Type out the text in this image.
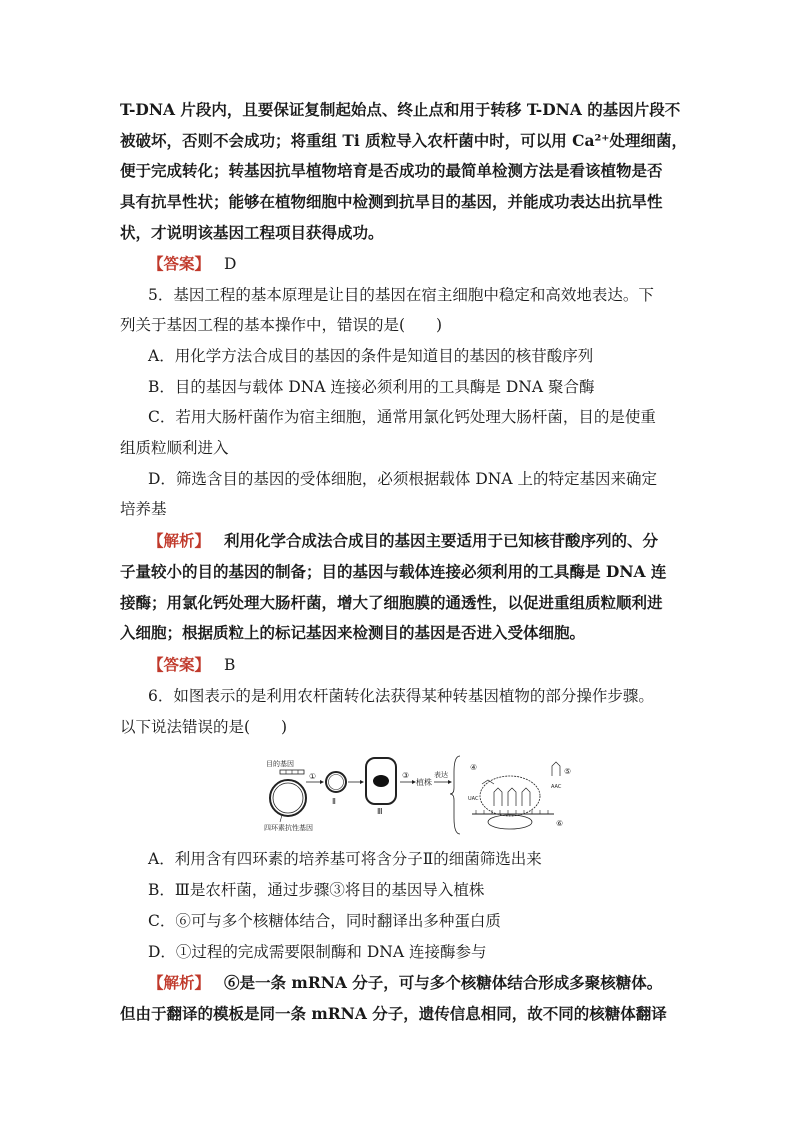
T-DNA 片段内，且要保证复制起始点、终止点和用于转移 T-DNA 的基因片段不
被破坏，否则不会成功；将重组 Ti 质粒导入农杆菌中时，可以用 Ca²⁺处理细菌，
便于完成转化；转基因抗旱植物培育是否成功的最简单检测方法是看该植物是否
具有抗旱性状；能够在植物细胞中检测到抗旱目的基因，并能成功表达出抗旱性
状，才说明该基因工程项目获得成功。
【答案】 D
5．基因工程的基本原理是让目的基因在宿主细胞中稳定和高效地表达。下
列关于基因工程的基本操作中，错误的是(　　)
A．用化学方法合成目的基因的条件是知道目的基因的核苷酸序列
B．目的基因与载体 DNA 连接必须利用的工具酶是 DNA 聚合酶
C．若用大肠杆菌作为宿主细胞，通常用氯化钙处理大肠杆菌，目的是使重
组质粒顺利进入
D．筛选含目的基因的受体细胞，必须根据载体 DNA 上的特定基因来确定
培养基
【解析】 利用化学合成法合成目的基因主要适用于已知核苷酸序列的、分
子量较小的目的基因的制备；目的基因与载体连接必须利用的工具酶是 DNA 连
接酶；用氯化钙处理大肠杆菌，增大了细胞膜的通透性，以促进重组质粒顺利进
入细胞；根据质粒上的标记基因来检测目的基因是否进入受体细胞。
【答案】 B
6．如图表示的是利用农杆菌转化法获得某种转基因植物的部分操作步骤。
以下说法错误的是(　　)
目的基因
四环素抗性基因
①
Ⅱ
Ⅲ
③
植株
表达
④
UAC
AAC
⑤
⑥
A．利用含有四环素的培养基可将含分子Ⅱ的细菌筛选出来
B．Ⅲ是农杆菌，通过步骤③将目的基因导入植株
C．⑥可与多个核糖体结合，同时翻译出多种蛋白质
D．①过程的完成需要限制酶和 DNA 连接酶参与
【解析】 ⑥是一条 mRNA 分子，可与多个核糖体结合形成多聚核糖体。
但由于翻译的模板是同一条 mRNA 分子，遗传信息相同，故不同的核糖体翻译
